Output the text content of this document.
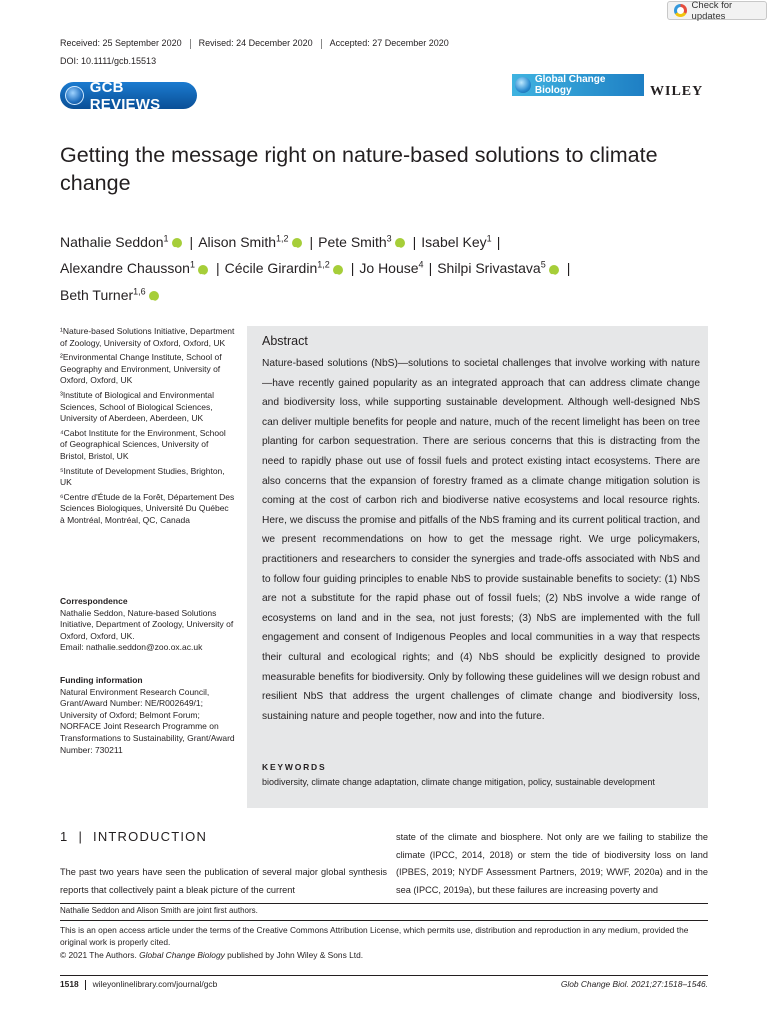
Check for updates
Received: 25 September 2020	Revised: 24 December 2020	Accepted: 27 December 2020
DOI: 10.1111/gcb.15513
GCB REVIEWS
Global Change Biology	WILEY
Getting the message right on nature-based solutions to climate change
Nathalie Seddon$^1$ iD | Alison Smith$^{1,2}$ iD | Pete Smith$^3$ iD | Isabel Key$^1$ |
Alexandre Chausson$^1$ iD | Cécile Girardin$^{1,2}$ iD | Jo House$^4$ | Shilpi Srivastava$^5$ iD |
Beth Turner$^{1,6}$iD
¹Nature-based Solutions Initiative, Department of Zoology, University of Oxford, Oxford, UK
²Environmental Change Institute, School of Geography and Environment, University of Oxford, Oxford, UK
³Institute of Biological and Environmental Sciences, School of Biological Sciences, University of Aberdeen, Aberdeen, UK
⁴Cabot Institute for the Environment, School of Geographical Sciences, University of Bristol, Bristol, UK
⁵Institute of Development Studies, Brighton, UK
⁶Centre d'Étude de la Forêt, Département Des Sciences Biologiques, Université Du Québec à Montréal, Montréal, QC, Canada
Correspondence
Nathalie Seddon, Nature-based Solutions Initiative, Department of Zoology, University of Oxford, Oxford, UK.
Email: nathalie.seddon@zoo.ox.ac.uk
Funding information
Natural Environment Research Council, Grant/Award Number: NE/R002649/1; University of Oxford; Belmont Forum; NORFACE Joint Research Programme on Transformations to Sustainability, Grant/Award Number: 730211
Abstract
Nature-based solutions (NbS)—solutions to societal challenges that involve working with nature—have recently gained popularity as an integrated approach that can address climate change and biodiversity loss, while supporting sustainable development. Although well-designed NbS can deliver multiple benefits for people and nature, much of the recent limelight has been on tree planting for carbon sequestration. There are serious concerns that this is distracting from the need to rapidly phase out use of fossil fuels and protect existing intact ecosystems. There are also concerns that the expansion of forestry framed as a climate change mitigation solution is coming at the cost of carbon rich and biodiverse native ecosystems and local resource rights. Here, we discuss the promise and pitfalls of the NbS framing and its current political traction, and we present recommendations on how to get the message right. We urge policymakers, practitioners and researchers to consider the synergies and trade-offs associated with NbS and to follow four guiding principles to enable NbS to provide sustainable benefits to society: (1) NbS are not a substitute for the rapid phase out of fossil fuels; (2) NbS involve a wide range of ecosystems on land and in the sea, not just forests; (3) NbS are implemented with the full engagement and consent of Indigenous Peoples and local communities in a way that respects their cultural and ecological rights; and (4) NbS should be explicitly designed to provide measurable benefits for biodiversity. Only by following these guidelines will we design robust and resilient NbS that address the urgent challenges of climate change and biodiversity loss, sustaining nature and people together, now and into the future.
KEYWORDS
biodiversity, climate change adaptation, climate change mitigation, policy, sustainable development
1 | INTRODUCTION
The past two years have seen the publication of several major global synthesis reports that collectively paint a bleak picture of the current
state of the climate and biosphere. Not only are we failing to stabilize the climate (IPCC, 2014, 2018) or stem the tide of biodiversity loss on land (IPBES, 2019; NYDF Assessment Partners, 2019; WWF, 2020a) and in the sea (IPCC, 2019a), but these failures are increasing poverty and
Nathalie Seddon and Alison Smith are joint first authors.
This is an open access article under the terms of the Creative Commons Attribution License, which permits use, distribution and reproduction in any medium, provided the original work is properly cited.
© 2021 The Authors. Global Change Biology published by John Wiley & Sons Ltd.
1518 wileyonlinelibrary.com/journal/gcb	Glob Change Biol. 2021;27:1518–1546.
